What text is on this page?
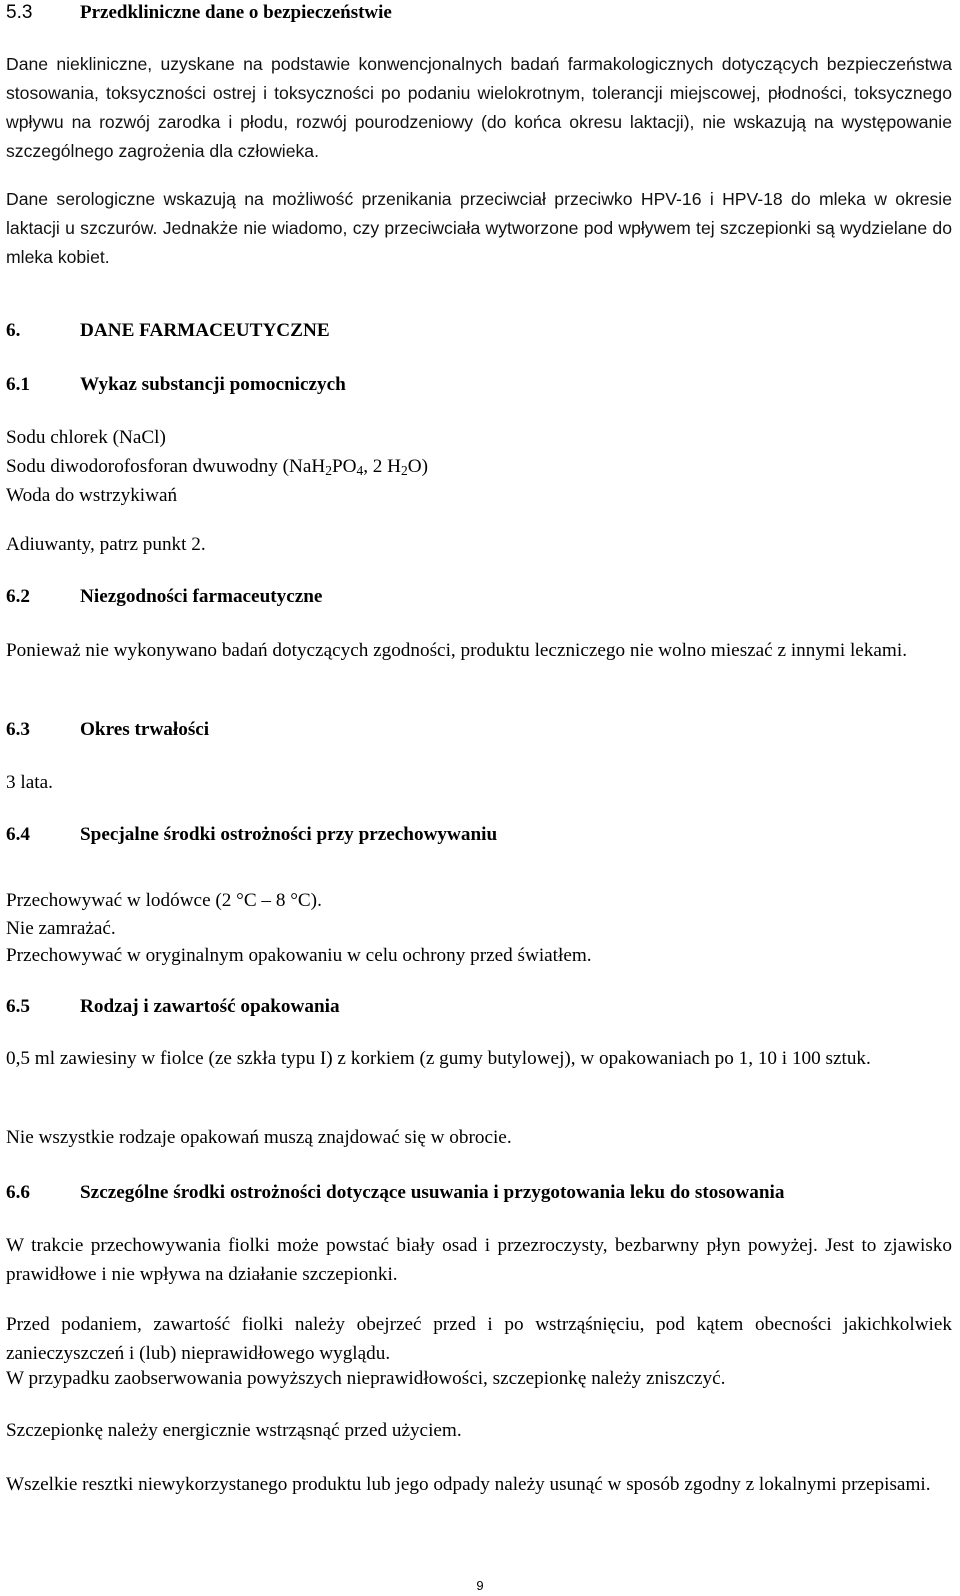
5.3	Przedkliniczne dane o bezpieczeństwie

Dane niekliniczne, uzyskane na podstawie konwencjonalnych badań farmakologicznych dotyczących bezpieczeństwa stosowania, toksyczności ostrej i toksyczności po podaniu wielokrotnym, tolerancji miejscowej, płodności, toksycznego wpływu na rozwój zarodka i płodu, rozwój pourodzeniowy (do końca okresu laktacji), nie wskazują na występowanie szczególnego zagrożenia dla człowieka.

Dane serologiczne wskazują na możliwość przenikania przeciwciał przeciwko HPV-16 i HPV-18 do mleka w okresie laktacji u szczurów. Jednakże nie wiadomo, czy przeciwciała wytworzone pod wpływem tej szczepionki są wydzielane do mleka kobiet.

6.	DANE FARMACEUTYCZNE
6.1	Wykaz substancji pomocniczych

Sodu chlorek (NaCl)

Sodu diwodorofosforan dwuwodny ($NaH_2PO_4$, 2 $H_2O$)

Woda do wstrzykiwań

Adiuwanty, patrz punkt 2.

6.2	Niezgodności farmaceutyczne

Ponieważ nie wykonywano badań dotyczących zgodności, produktu leczniczego nie wolno mieszać z innymi lekami.

6.3	Okres trwałości

3 lata.

6.4	Specjalne środki ostrożności przy przechowywaniu

Przechowywać w lodówce (2 °C – 8 °C).

Nie zamrażać.

Przechowywać w oryginalnym opakowaniu w celu ochrony przed światłem.

6.5	Rodzaj i zawartość opakowania

0,5 ml zawiesiny w fiolce (ze szkła typu I) z korkiem (z gumy butylowej), w opakowaniach po 1, 10 i 100 sztuk.

Nie wszystkie rodzaje opakowań muszą znajdować się w obrocie.

6.6	Szczególne środki ostrożności dotyczące usuwania i przygotowania leku do stosowania

W trakcie przechowywania fiolki może powstać biały osad i przezroczysty, bezbarwny płyn powyżej. Jest to zjawisko prawidłowe i nie wpływa na działanie szczepionki.

Przed podaniem, zawartość fiolki należy obejrzeć przed i po wstrząśnięciu, pod kątem obecności jakichkolwiek zanieczyszczeń i (lub) nieprawidłowego wyglądu.

W przypadku zaobserwowania powyższych nieprawidłowości, szczepionkę należy zniszczyć.

Szczepionkę należy energicznie wstrząsnąć przed użyciem.

Wszelkie resztki niewykorzystanego produktu lub jego odpady należy usunąć w sposób zgodny z lokalnymi przepisami.

9
